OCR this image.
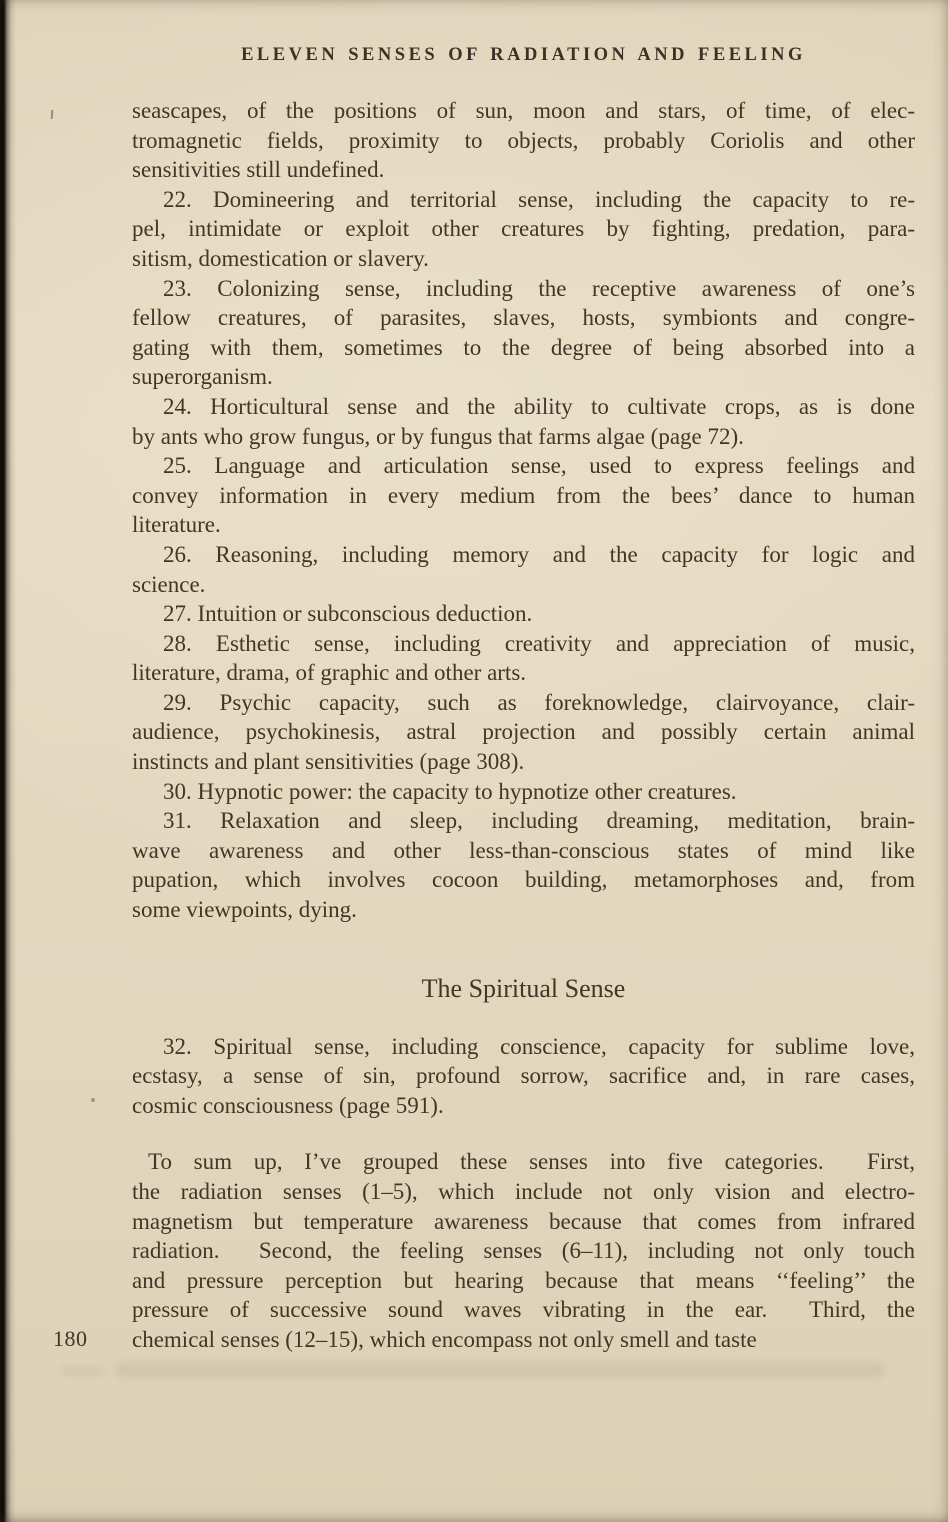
ELEVEN SENSES OF RADIATION AND FEELING
seascapes, of the positions of sun, moon and stars, of time, of elec-
tromagnetic fields, proximity to objects, probably Coriolis and other
sensitivities still undefined.
22. Domineering and territorial sense, including the capacity to re-
pel, intimidate or exploit other creatures by fighting, predation, para-
sitism, domestication or slavery.
23. Colonizing sense, including the receptive awareness of one’s
fellow creatures, of parasites, slaves, hosts, symbionts and congre-
gating with them, sometimes to the degree of being absorbed into a
superorganism.
24. Horticultural sense and the ability to cultivate crops, as is done
by ants who grow fungus, or by fungus that farms algae (page 72).
25. Language and articulation sense, used to express feelings and
convey information in every medium from the bees’ dance to human
literature.
26. Reasoning, including memory and the capacity for logic and
science.
27. Intuition or subconscious deduction.
28. Esthetic sense, including creativity and appreciation of music,
literature, drama, of graphic and other arts.
29. Psychic capacity, such as foreknowledge, clairvoyance, clair-
audience, psychokinesis, astral projection and possibly certain animal
instincts and plant sensitivities (page 308).
30. Hypnotic power: the capacity to hypnotize other creatures.
31. Relaxation and sleep, including dreaming, meditation, brain-
wave awareness and other less-than-conscious states of mind like
pupation, which involves cocoon building, metamorphoses and, from
some viewpoints, dying.
The Spiritual Sense
32. Spiritual sense, including conscience, capacity for sublime love,
ecstasy, a sense of sin, profound sorrow, sacrifice and, in rare cases,
cosmic consciousness (page 591).
To sum up, I’ve grouped these senses into five categories.  First,
the radiation senses (1–5), which include not only vision and electro-
magnetism but temperature awareness because that comes from infrared
radiation.  Second, the feeling senses (6–11), including not only touch
and pressure perception but hearing because that means ‘‘feeling’’ the
pressure of successive sound waves vibrating in the ear.  Third, the
chemical senses (12–15), which encompass not only smell and taste
180
